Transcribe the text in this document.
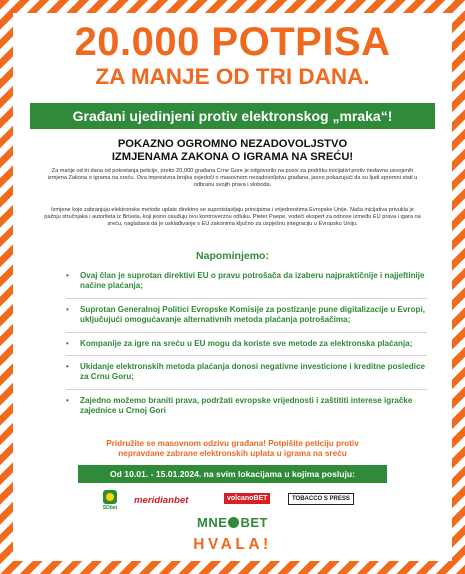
20.000 POTPISA
ZA MANJE OD TRI DANA.
Građani ujedinjeni protiv elektronskog „mraka“!
POKAZNO OGROMNO NEZADOVOLJSTVO
IZMJENAMA ZAKONA O IGRAMA NA SREĆU!
Za manje od tri dana od pokretanja peticije, preko 20,000 građana Crne Gore je odgovorilo na poziv za podršku inicijativi protiv nedavno usvojenih izmjena Zakona o igrama na sreću. Ova impresivna brojka svjedoči o masovnom nezadovoljstvu građana, jasno pokazujući da su ljudi spremni stati u odbranu svojih prava i sloboda.
Izmjene koje zabranjuju elektronske metode uplate direktno se suprotstavljaju principima i vrijednostima Evropske Unije. Naša inicijativa privukla je pažnju stručnjaka i autoriteta iz Brisela, koji jesno osuđuju ovu kontroverznu odluku. Pieter Paepe, vodeći ekspert za odnose između EU prava i igara na sreću, naglašava da je usklađivanje s EU zakonima ključno za uspješnu integraciju u Evropsku Uniju.
Napominjemo:
• Ovaj član je suprotan direktivi EU o pravu potrošača da izaberu najpraktičnije i najjeftinije načine plaćanja;
• Suprotan Generalnoj Politici Evropske Komisije za postizanje pune digitalizacije u Evropi, uključujući omogućavanje alternativnih metoda plaćanja potrošačima;
• Kompanije za igre na sreću u EU mogu da koriste sve metode za elektronska plaćanja;
• Ukidanje elektronskih metoda plaćanja donosi negativne investicione i kreditne posledice za Crnu Goru;
• Zajedno možemo braniti prava, podržati evropske vrijednosti i zaštititi interese igračke zajednice u Crnoj Gori
Pridružite se masovnom odzivu građana! Potpišite peticiju protiv
nepravdane zabrane elektronskih uplata u igrama na sreću
Od 10.01. - 15.01.2024. na svim lokacijama u kojima posluju:
SDbet
meridianbet	volcanoBET	TOBACCO S PRESS
MNE BET
HVALA!
